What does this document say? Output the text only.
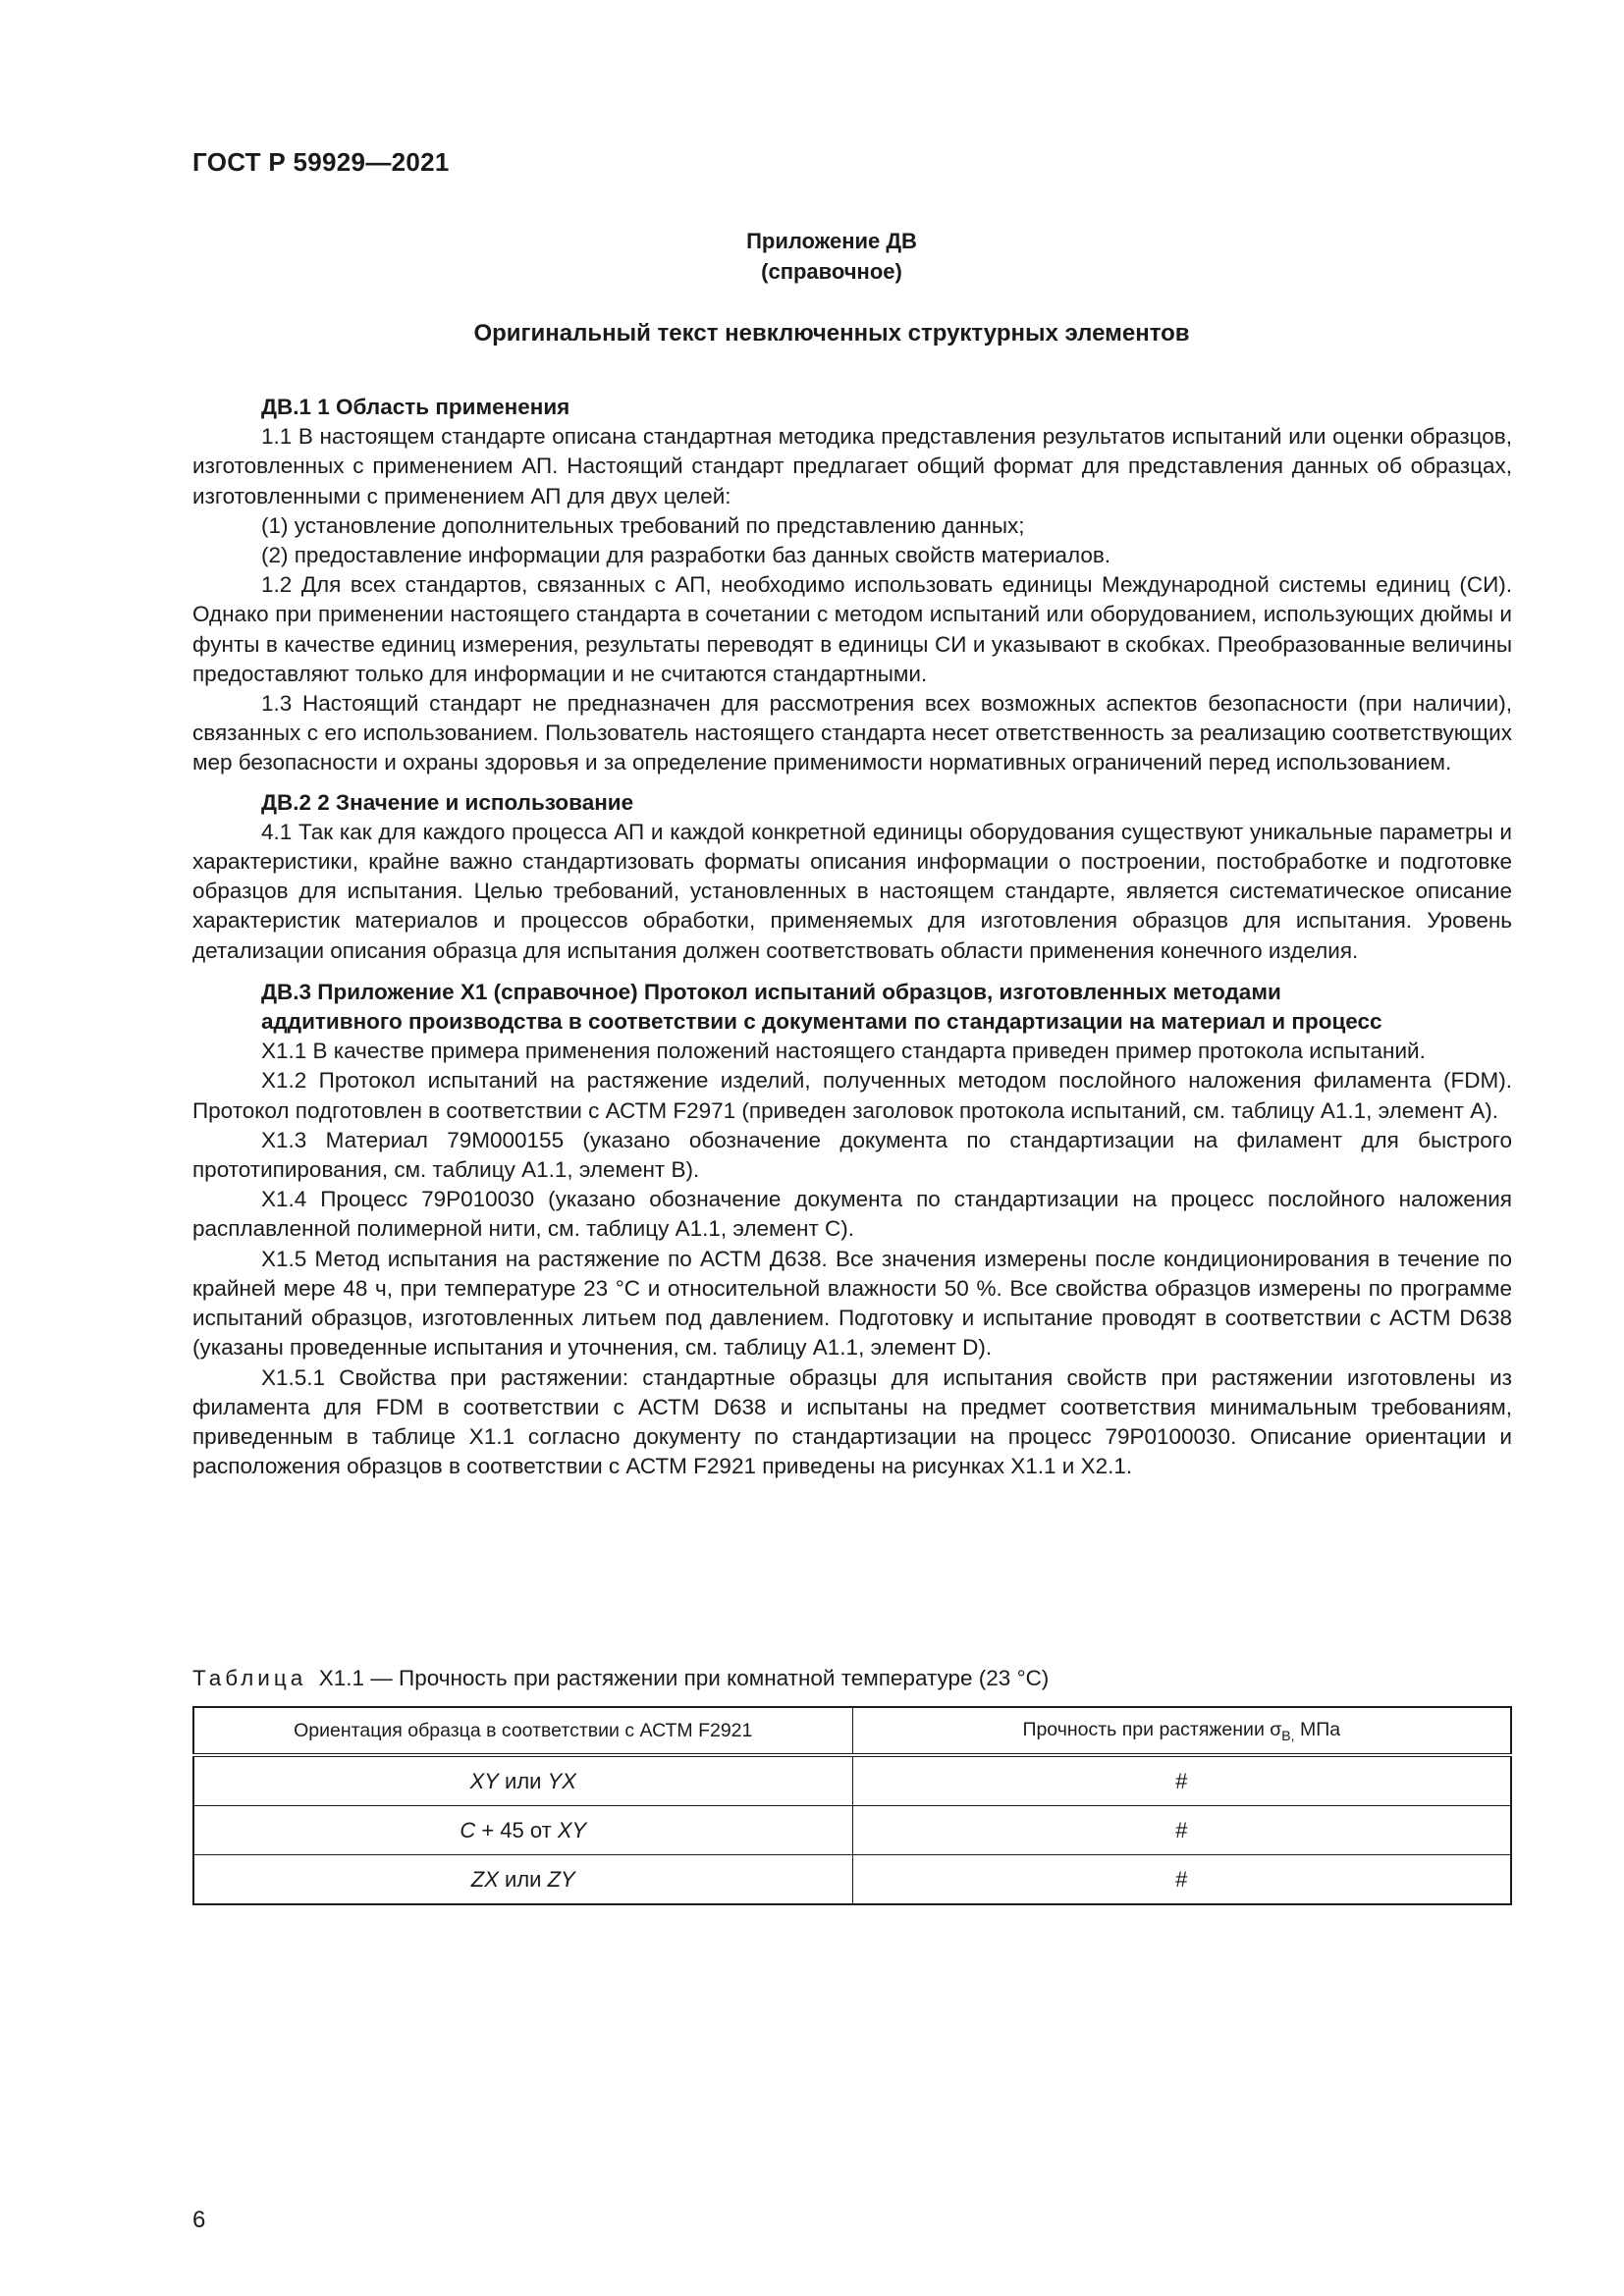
ГОСТ Р 59929—2021
Приложение ДВ
(справочное)
Оригинальный текст невключенных структурных элементов
ДВ.1 1 Область применения

1.1 В настоящем стандарте описана стандартная методика представления результатов испытаний или оценки образцов, изготовленных с применением АП. Настоящий стандарт предлагает общий формат для представления данных об образцах, изготовленными с применением АП для двух целей:

(1) установление дополнительных требований по представлению данных;

(2) предоставление информации для разработки баз данных свойств материалов.

1.2 Для всех стандартов, связанных с АП, необходимо использовать единицы Международной системы единиц (СИ). Однако при применении настоящего стандарта в сочетании с методом испытаний или оборудованием, использующих дюймы и фунты в качестве единиц измерения, результаты переводят в единицы СИ и указывают в скобках. Преобразованные величины предоставляют только для информации и не считаются стандартными.

1.3 Настоящий стандарт не предназначен для рассмотрения всех возможных аспектов безопасности (при наличии), связанных с его использованием. Пользователь настоящего стандарта несет ответственность за реализацию соответствующих мер безопасности и охраны здоровья и за определение применимости нормативных ограничений перед использованием.

ДВ.2 2 Значение и использование

4.1 Так как для каждого процесса АП и каждой конкретной единицы оборудования существуют уникальные параметры и характеристики, крайне важно стандартизовать форматы описания информации о построении, постобработке и подготовке образцов для испытания. Целью требований, установленных в настоящем стандарте, является систематическое описание характеристик материалов и процессов обработки, применяемых для изготовления образцов для испытания. Уровень детализации описания образца для испытания должен соответствовать области применения конечного изделия.

ДВ.3 Приложение Х1 (справочное) Протокол испытаний образцов, изготовленных методами
аддитивного производства в соответствии с документами по стандартизации на материал и процесс

Х1.1 В качестве примера применения положений настоящего стандарта приведен пример протокола испытаний.

Х1.2 Протокол испытаний на растяжение изделий, полученных методом послойного наложения филамента (FDM). Протокол подготовлен в соответствии с АСТМ F2971 (приведен заголовок протокола испытаний, см. таблицу А1.1, элемент А).

Х1.3 Материал 79М000155 (указано обозначение документа по стандартизации на филамент для быстрого прототипирования, см. таблицу А1.1, элемент В).

Х1.4 Процесс 79Р010030 (указано обозначение документа по стандартизации на процесс послойного наложения расплавленной полимерной нити, см. таблицу А1.1, элемент С).

Х1.5 Метод испытания на растяжение по АСТМ Д638. Все значения измерены после кондиционирования в течение по крайней мере 48 ч, при температуре 23 °С и относительной влажности 50 %. Все свойства образцов измерены по программе испытаний образцов, изготовленных литьем под давлением. Подготовку и испытание проводят в соответствии с АСТМ D638 (указаны проведенные испытания и уточнения, см. таблицу А1.1, элемент D).

Х1.5.1 Свойства при растяжении: стандартные образцы для испытания свойств при растяжении изготовлены из филамента для FDM в соответствии с АСТМ D638 и испытаны на предмет соответствия минимальным требованиям, приведенным в таблице Х1.1 согласно документу по стандартизации на процесс 79Р0100030. Описание ориентации и расположения образцов в соответствии с АСТМ F2921 приведены на рисунках Х1.1 и Х2.1.

Таблица Х1.1 — Прочность при растяжении при комнатной температуре (23 °С)
Ориентация образца в соответствии с АСТМ F2921	Прочность при растяжении $\sigma_{В,}$ МПа
XY или YX	#
C + 45 от XY	#
ZX или ZY	#
6
